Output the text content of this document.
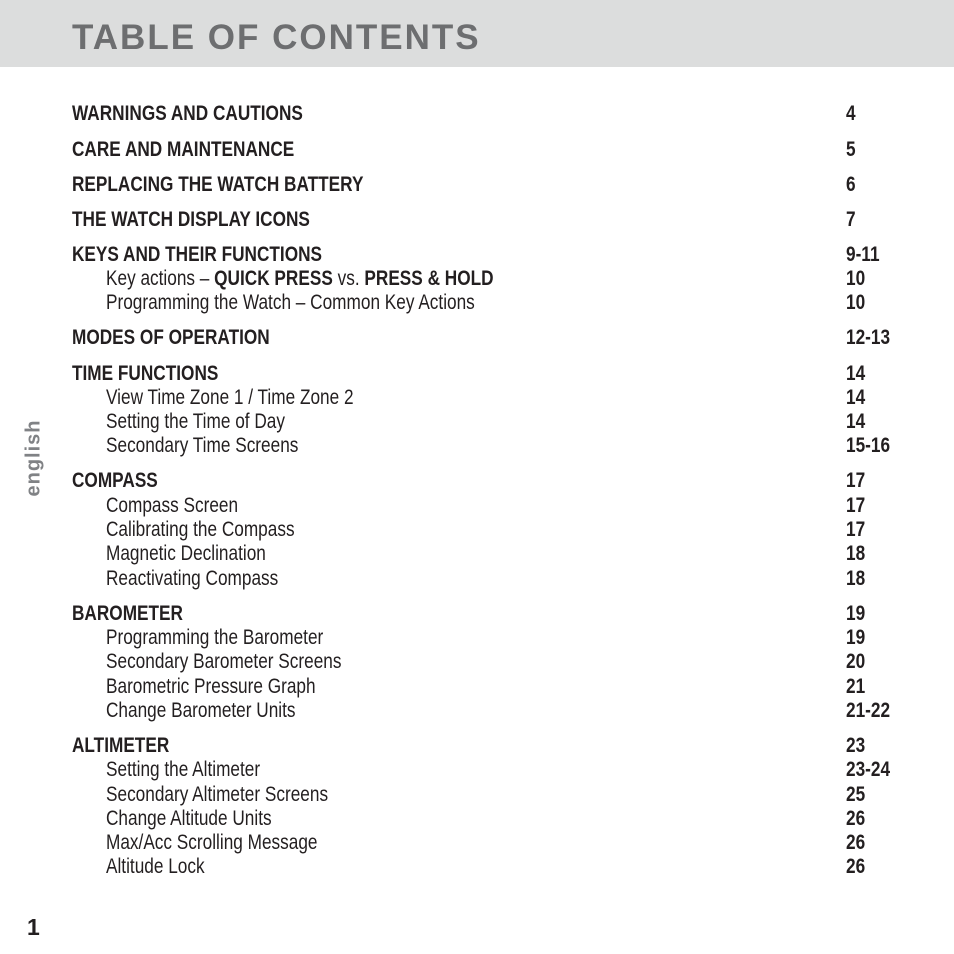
TABLE OF CONTENTS
english
WARNINGS AND CAUTIONS	4
CARE AND MAINTENANCE	5
REPLACING THE WATCH BATTERY	6
THE WATCH DISPLAY ICONS	7
KEYS AND THEIR FUNCTIONS	9-11
Key actions – QUICK PRESS vs. PRESS & HOLD	10
Programming the Watch – Common Key Actions	10
MODES OF OPERATION	12-13
TIME FUNCTIONS	14
View Time Zone 1 / Time Zone 2	14
Setting the Time of Day	14
Secondary Time Screens	15-16
COMPASS	17
Compass Screen	17
Calibrating the Compass	17
Magnetic Declination	18
Reactivating Compass	18
BAROMETER	19
Programming the Barometer	19
Secondary Barometer Screens	20
Barometric Pressure Graph	21
Change Barometer Units	21-22
ALTIMETER	23
Setting the Altimeter	23-24
Secondary Altimeter Screens	25
Change Altitude Units	26
Max/Acc Scrolling Message	26
Altitude Lock	26
1
